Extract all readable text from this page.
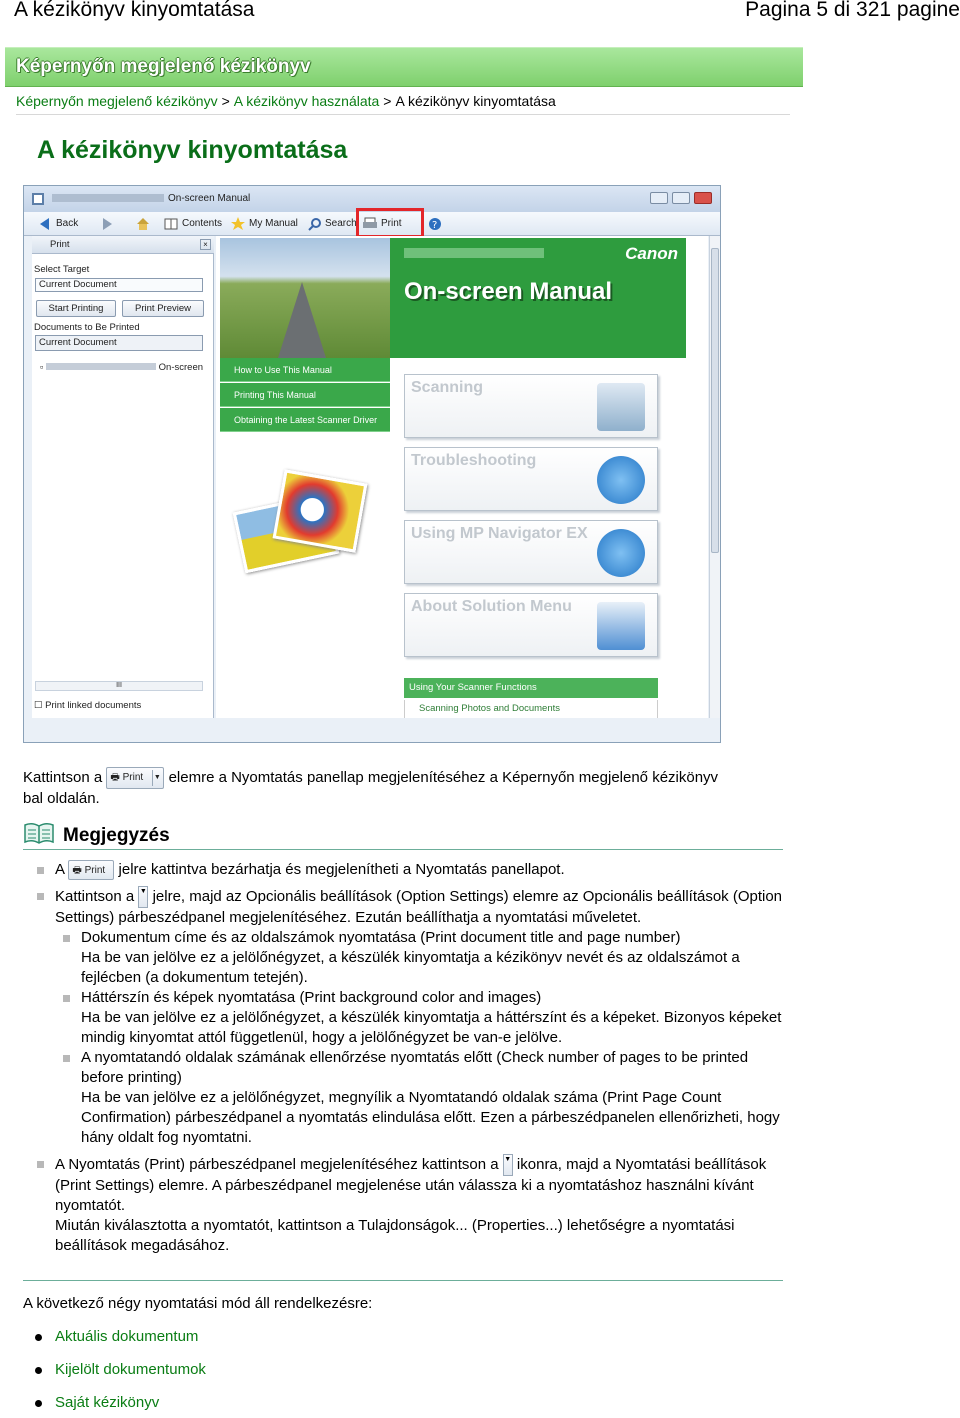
A kézikönyv kinyomtatása	Pagina 5 di 321 pagine
Képernyőn megjelenő kézikönyv
Képernyőn megjelenő kézikönyv > A kézikönyv használata > A kézikönyv kinyomtatása
A kézikönyv kinyomtatása
On-screen Manual
Back	Contents	My Manual	Search Print	?
Print	×
Select Target
Current Document
Start Printing	Print Preview
Documents to Be Printed
Current Document
▫	On-screen
III
☐ Print linked documents
Canon
On-screen Manual
How to Use This Manual
Printing This Manual
Obtaining the Latest Scanner Driver
Scanning
Troubleshooting
Using MP Navigator EX
About Solution Menu
Using Your Scanner Functions
Scanning Photos and Documents
Kattintson a 🖶 Print ▼ elemre a Nyomtatás panellap megjelenítéséhez a Képernyőn megjelenő kézikönyv
bal oldalán.
Megjegyzés
A 🖶 Print jelre kattintva bezárhatja és megjelenítheti a Nyomtatás panellapot.
Kattintson a ▼ jelre, majd az Opcionális beállítások (Option Settings) elemre az Opcionális beállítások (Option Settings) párbeszédpanel megjelenítéséhez. Ezután beállíthatja a nyomtatási műveletet.
Dokumentum címe és az oldalszámok nyomtatása (Print document title and page number)
Ha be van jelölve ez a jelölőnégyzet, a készülék kinyomtatja a kézikönyv nevét és az oldalszámot a fejlécben (a dokumentum tetején).
Háttérszín és képek nyomtatása (Print background color and images)
Ha be van jelölve ez a jelölőnégyzet, a készülék kinyomtatja a háttérszínt és a képeket. Bizonyos képeket mindig kinyomtat attól függetlenül, hogy a jelölőnégyzet be van-e jelölve.
A nyomtatandó oldalak számának ellenőrzése nyomtatás előtt (Check number of pages to be printed before printing)
Ha be van jelölve ez a jelölőnégyzet, megnyílik a Nyomtatandó oldalak száma (Print Page Count Confirmation) párbeszédpanel a nyomtatás elindulása előtt. Ezen a párbeszédpanelen ellenőrizheti, hogy hány oldalt fog nyomtatni.
A Nyomtatás (Print) párbeszédpanel megjelenítéséhez kattintson a ▼ ikonra, majd a Nyomtatási beállítások (Print Settings) elemre. A párbeszédpanel megjelenése után válassza ki a nyomtatáshoz használni kívánt nyomtatót.
Miután kiválasztotta a nyomtatót, kattintson a Tulajdonságok... (Properties...) lehetőségre a nyomtatási beállítások megadásához.
A következő négy nyomtatási mód áll rendelkezésre:
Aktuális dokumentum
Kijelölt dokumentumok
Saját kézikönyv
